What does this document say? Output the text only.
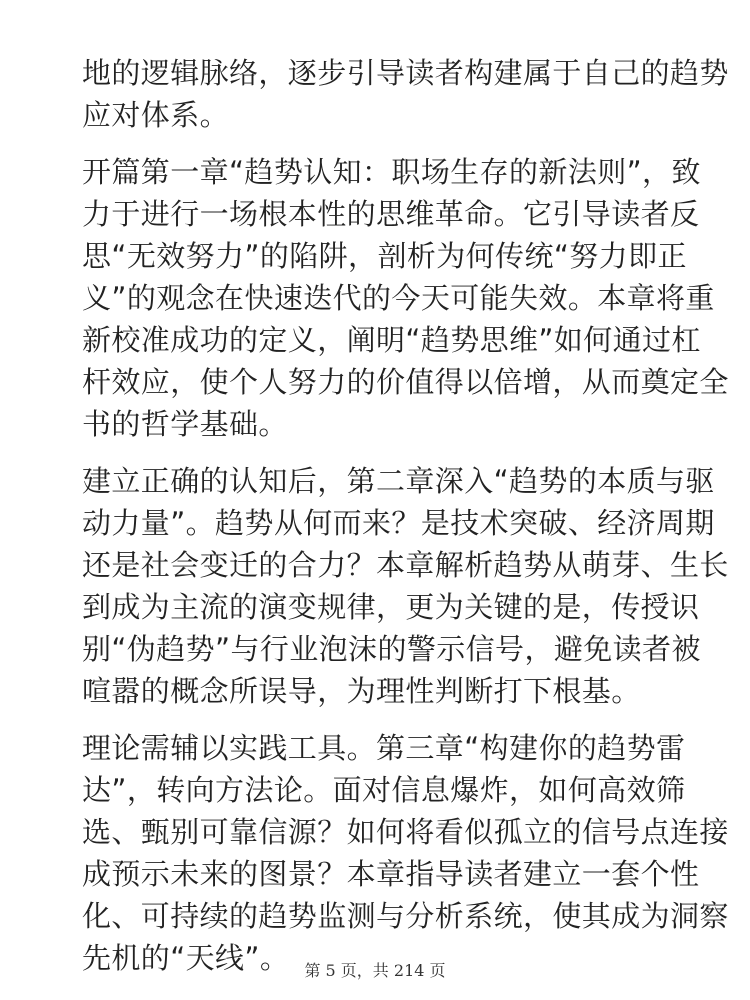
地的逻辑脉络，逐步引导读者构建属于自己的趋势
应对体系。

开篇第一章“趋势认知：职场生存的新法则”，致
力于进行一场根本性的思维革命。它引导读者反
思“无效努力”的陷阱，剖析为何传统“努力即正
义”的观念在快速迭代的今天可能失效。本章将重
新校准成功的定义，阐明“趋势思维”如何通过杠
杆效应，使个人努力的价值得以倍增，从而奠定全
书的哲学基础。

建立正确的认知后，第二章深入“趋势的本质与驱
动力量”。趋势从何而来？是技术突破、经济周期
还是社会变迁的合力？本章解析趋势从萌芽、生长
到成为主流的演变规律，更为关键的是，传授识
别“伪趋势”与行业泡沫的警示信号，避免读者被
喧嚣的概念所误导，为理性判断打下根基。

理论需辅以实践工具。第三章“构建你的趋势雷
达”，转向方法论。面对信息爆炸，如何高效筛
选、甄别可靠信源？如何将看似孤立的信号点连接
成预示未来的图景？本章指导读者建立一套个性
化、可持续的趋势监测与分析系统，使其成为洞察
先机的“天线”。 第 5 页，共 214 页
